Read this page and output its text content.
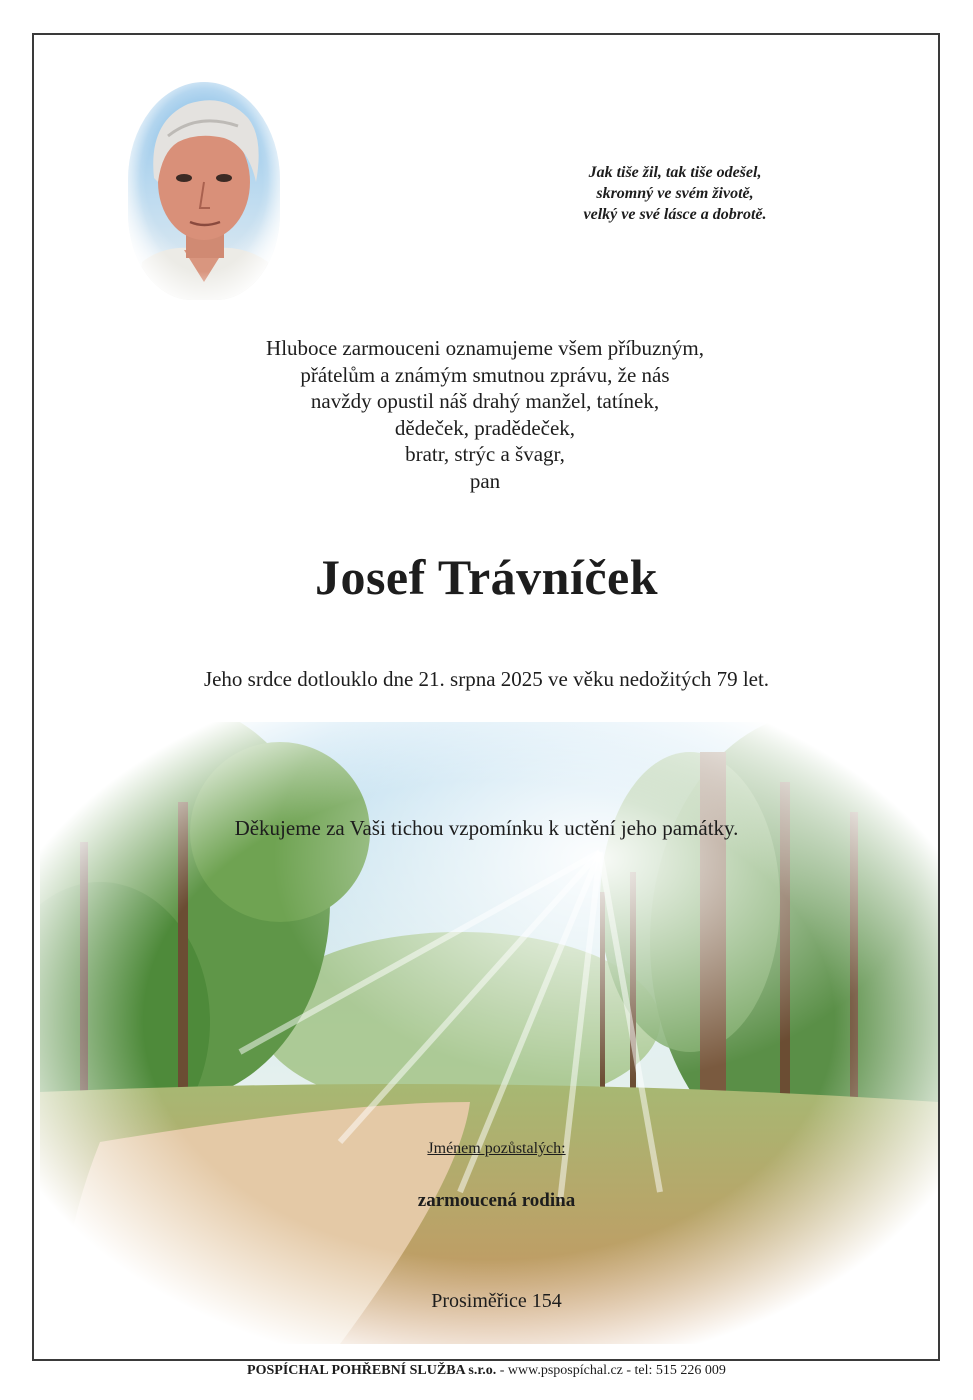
Jak tiše žil, tak tiše odešel,
skromný ve svém životě,
velký ve své lásce a dobrotě.
Hluboce zarmouceni oznamujeme všem příbuzným,
přátelům a známým smutnou zprávu, že nás
navždy opustil náš drahý manžel, tatínek,
dědeček, pradědeček,
bratr, strýc a švagr,
pan
Josef Trávníček
Jeho srdce dotlouklo dne 21. srpna 2025 ve věku nedožitých 79 let.
Děkujeme za Vaši tichou vzpomínku k uctění jeho památky.
Jménem pozůstalých:
zarmoucená rodina
Prosiměřice 154
POSPÍCHAL POHŘEBNÍ SLUŽBA s.r.o. - www.pspospíchal.cz - tel: 515 226 009
